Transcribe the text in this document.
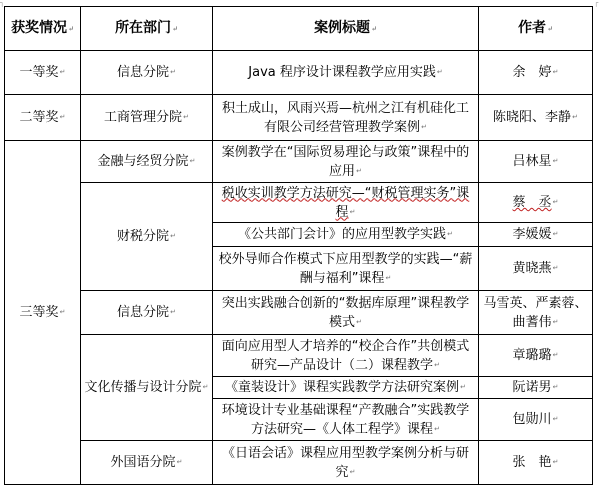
┐	┌
获奖情况↵	所在部门↵	案例标题↵	作者↵
一等奖↵	信息分院↵	Java 程序设计课程教学应用实践↵	余　婷↵
二等奖↵	工商管理分院↵	积土成山，风雨兴焉—杭州之江有机硅化工有限公司经营管理教学案例↵	陈晓阳、李静↵
三等奖↵	金融与经贸分院↵	案例教学在“国际贸易理论与政策”课程中的应用↵	吕林星↵
	财税分院↵	税收实训教学方法研究—“财税管理实务”课程↵	蔡　丞↵
		《公共部门会计》的应用型教学实践↵	李媛媛↵
		校外导师合作模式下应用型教学的实践—“薪酬与福利”课程↵	黄晓燕↵
	信息分院↵	突出实践融合创新的“数据库原理”课程教学模式↵	马雪英、严素蓉、曲蓍伟↵
	文化传播与设计分院↵	面向应用型人才培养的“校企合作”共创模式研究—产品设计（二）课程教学↵	章璐璐↵
		《童装设计》课程实践教学方法研究案例↵	阮诺男↵
		环境设计专业基础课程“产教融合”实践教学方法研究—《人体工程学》课程↵	包勋川↵
	外国语分院↵	《日语会话》课程应用型教学案例分析与研究↵	张　艳↵
